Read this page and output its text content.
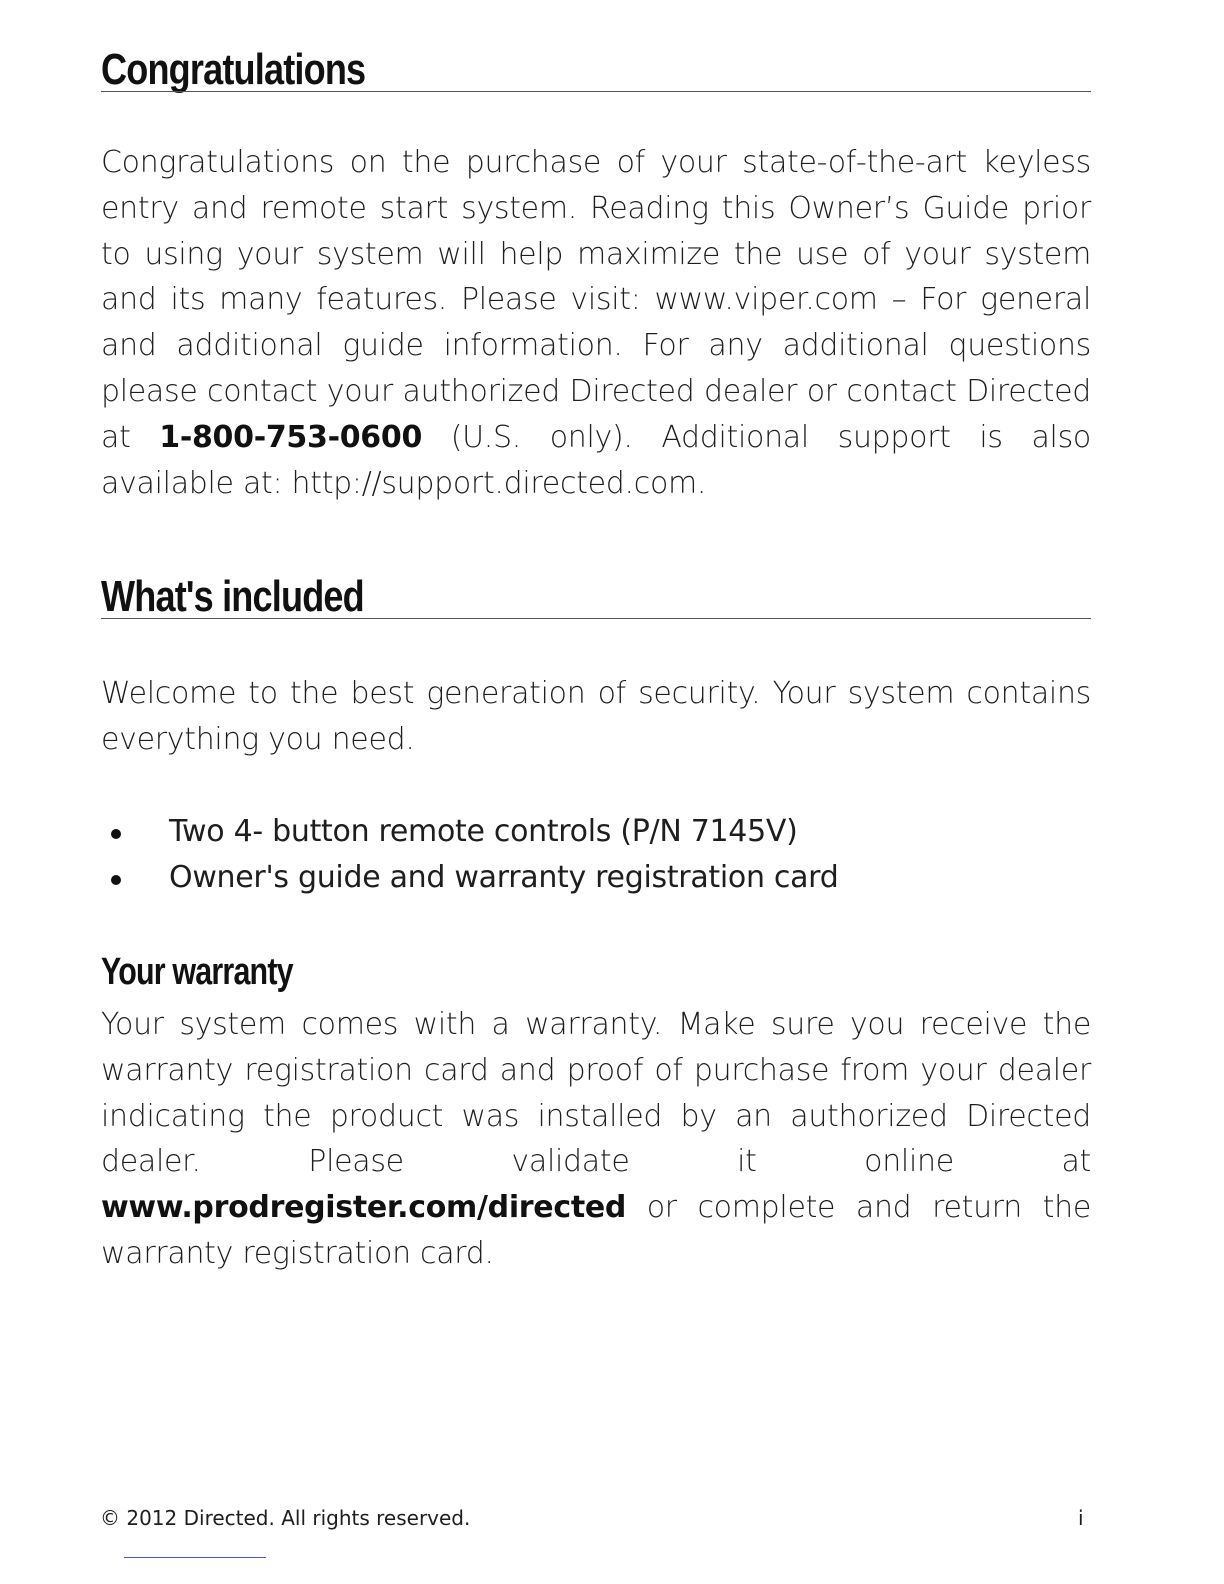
Congratulations
Congratulations on the purchase of your state-of-the-art keyless entry and remote start system. Reading this Owner’s Guide prior to using your system will help maximize the use of your system and its many features. Please visit: www.viper.com – For general and additional guide information. For any additional questions please contact your authorized Directed dealer or contact Directed at 1-800-753-0600 (U.S. only). Additional support is also available at: http://support.directed.com.
What's included
Welcome to the best generation of security. Your system contains everything you need.
Two 4- button remote controls (P/N 7145V)
Owner's guide and warranty registration card
Your warranty
Your system comes with a warranty. Make sure you receive the warranty registration card and proof of purchase from your dealer indicating the product was installed by an authorized Directed dealer. Please validate it online at www.prodregister.com/directed or complete and return the warranty registration card.
© 2012 Directed. All rights reserved.	i
